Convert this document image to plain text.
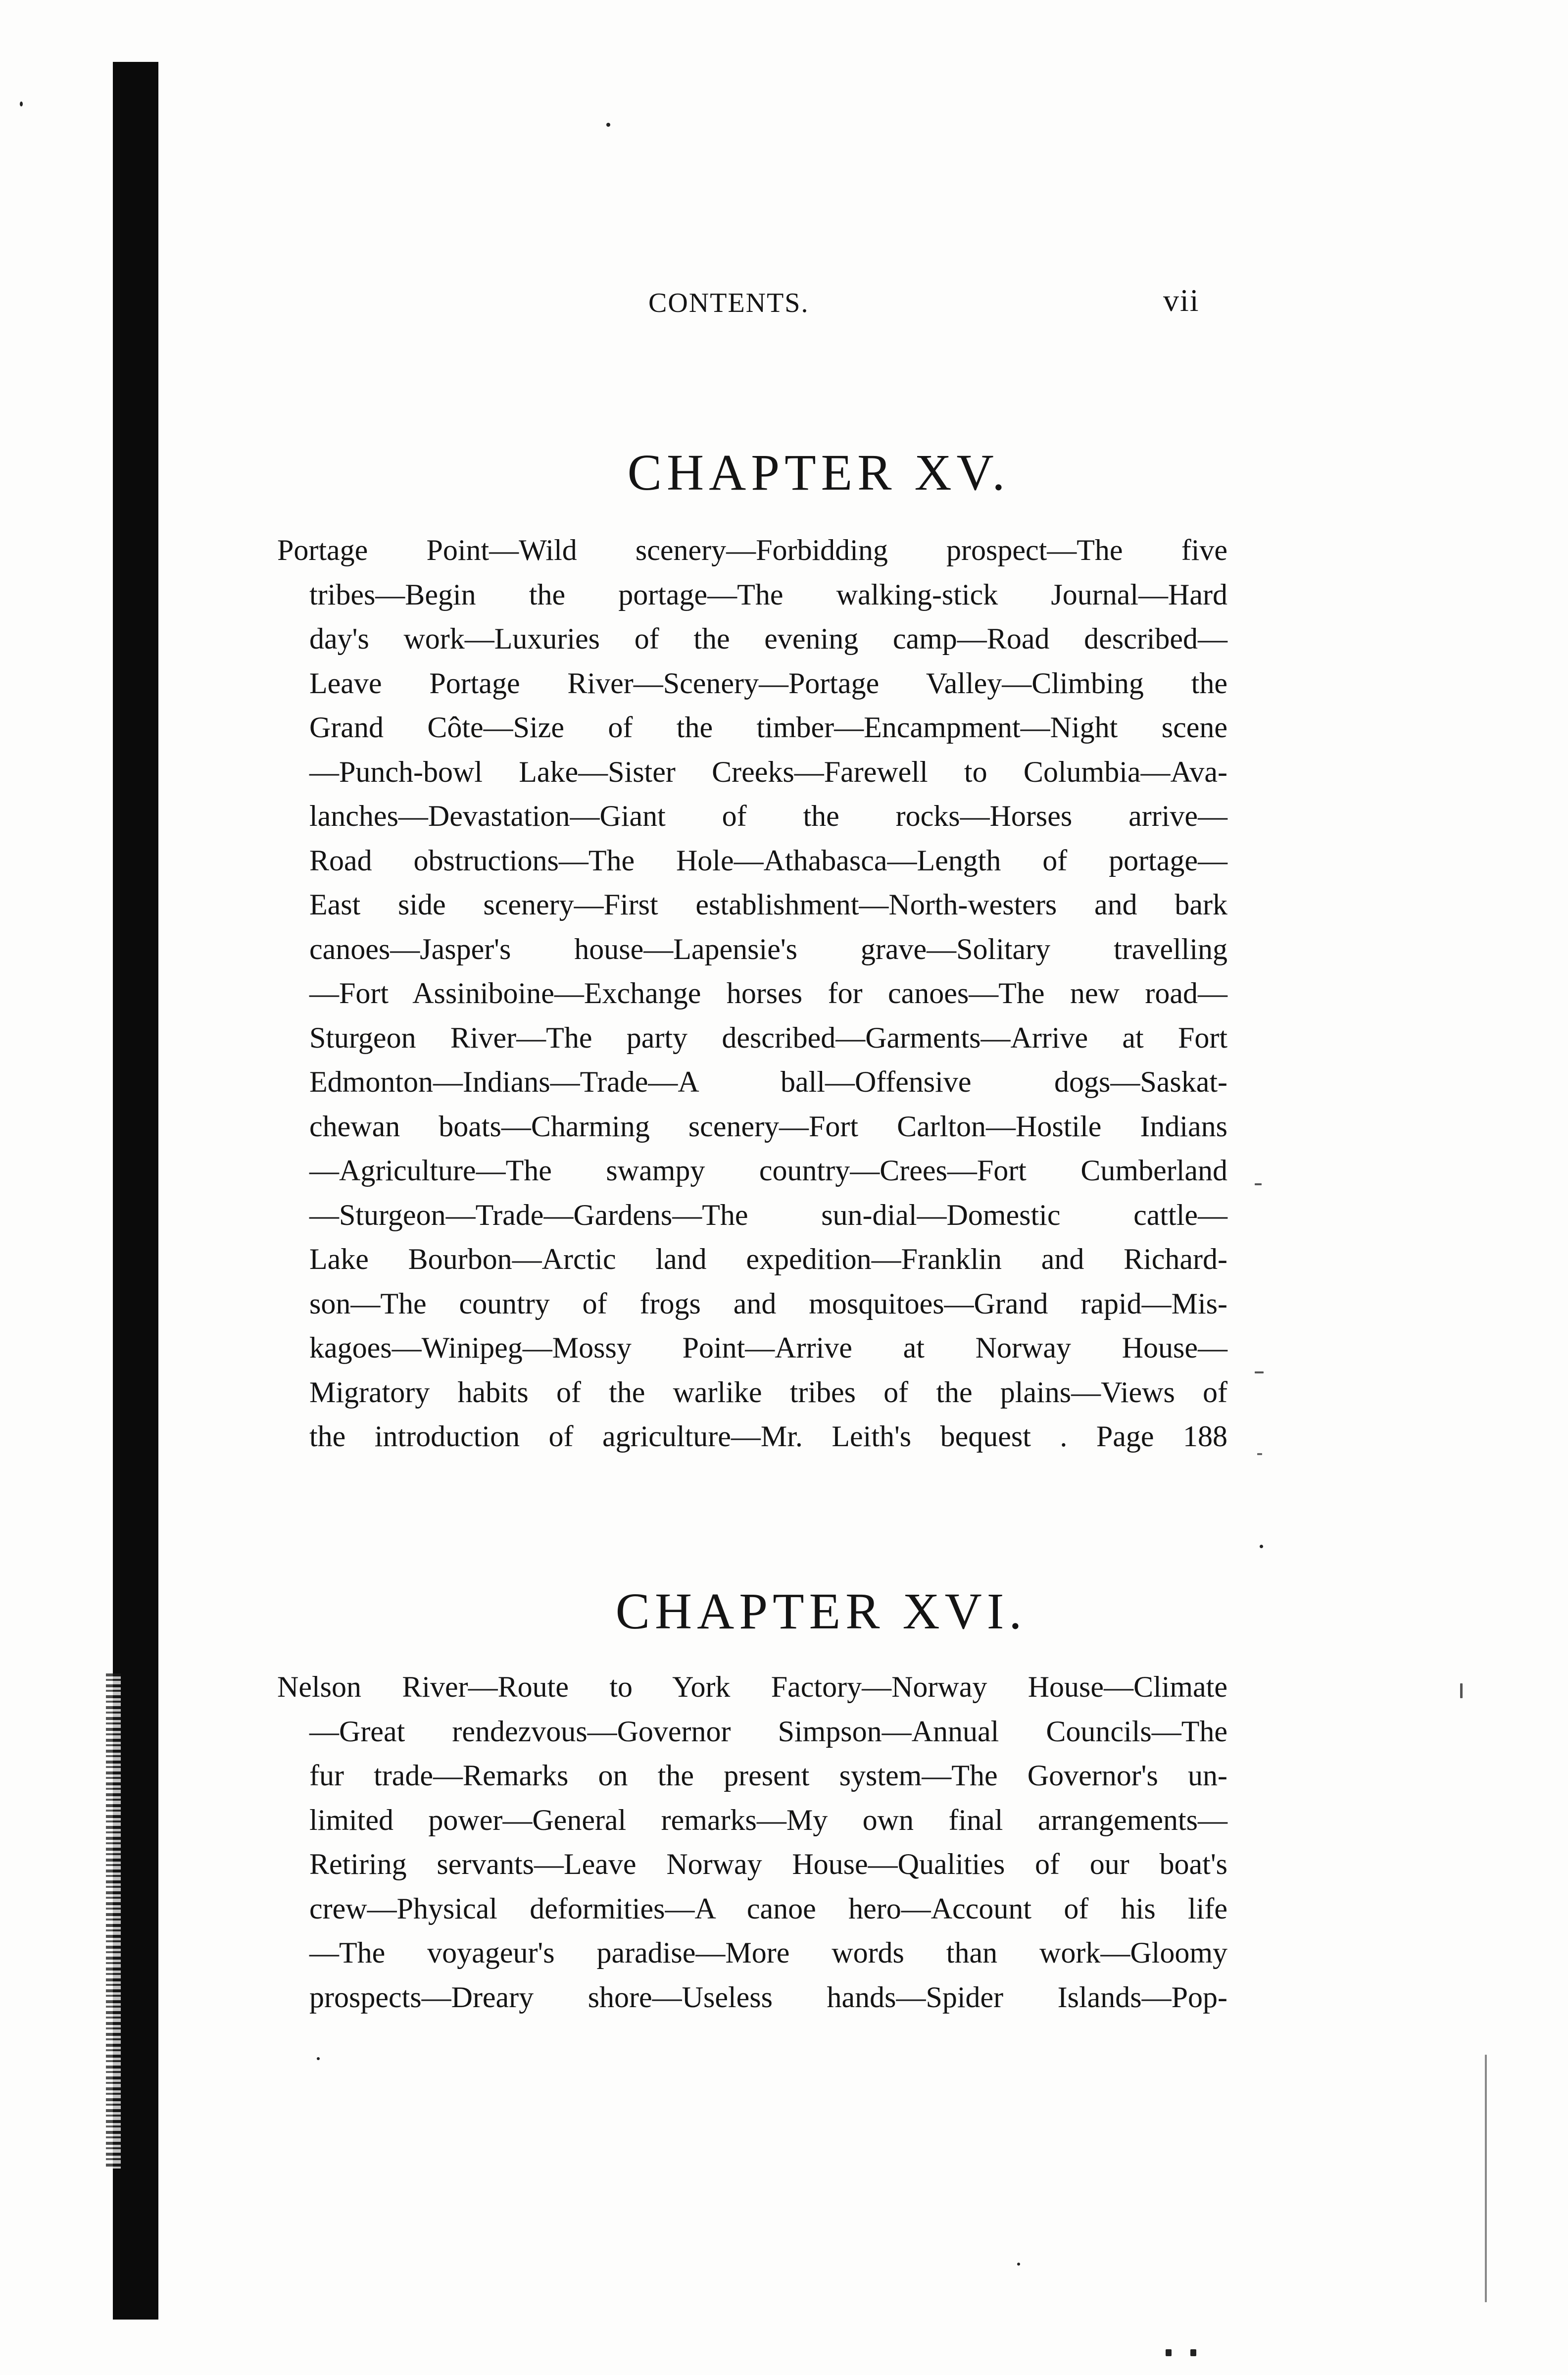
CONTENTS.	vii
CHAPTER XV.
Portage Point—Wild scenery—Forbidding prospect—The five
tribes—Begin the portage—The walking-stick Journal—Hard
day's work—Luxuries of the evening camp—Road described—
Leave Portage River—Scenery—Portage Valley—Climbing the
Grand Côte—Size of the timber—Encampment—Night scene
—Punch-bowl Lake—Sister Creeks—Farewell to Columbia—Ava-
lanches—Devastation—Giant of the rocks—Horses arrive—
Road obstructions—The Hole—Athabasca—Length of portage—
East side scenery—First establishment—North-westers and bark
canoes—Jasper's house—Lapensie's grave—Solitary travelling
—Fort Assiniboine—Exchange horses for canoes—The new road—
Sturgeon River—The party described—Garments—Arrive at Fort
Edmonton—Indians—Trade—A ball—Offensive dogs—Saskat-
chewan boats—Charming scenery—Fort Carlton—Hostile Indians
—Agriculture—The swampy country—Crees—Fort Cumberland
—Sturgeon—Trade—Gardens—The sun-dial—Domestic cattle—
Lake Bourbon—Arctic land expedition—Franklin and Richard-
son—The country of frogs and mosquitoes—Grand rapid—Mis-
kagoes—Winipeg—Mossy Point—Arrive at Norway House—
Migratory habits of the warlike tribes of the plains—Views of
the introduction of agriculture—Mr. Leith's bequest . Page 188
CHAPTER XVI.
Nelson River—Route to York Factory—Norway House—Climate
—Great rendezvous—Governor Simpson—Annual Councils—The
fur trade—Remarks on the present system—The Governor's un-
limited power—General remarks—My own final arrangements—
Retiring servants—Leave Norway House—Qualities of our boat's
crew—Physical deformities—A canoe hero—Account of his life
—The voyageur's paradise—More words than work—Gloomy
prospects—Dreary shore—Useless hands—Spider Islands—Pop-
